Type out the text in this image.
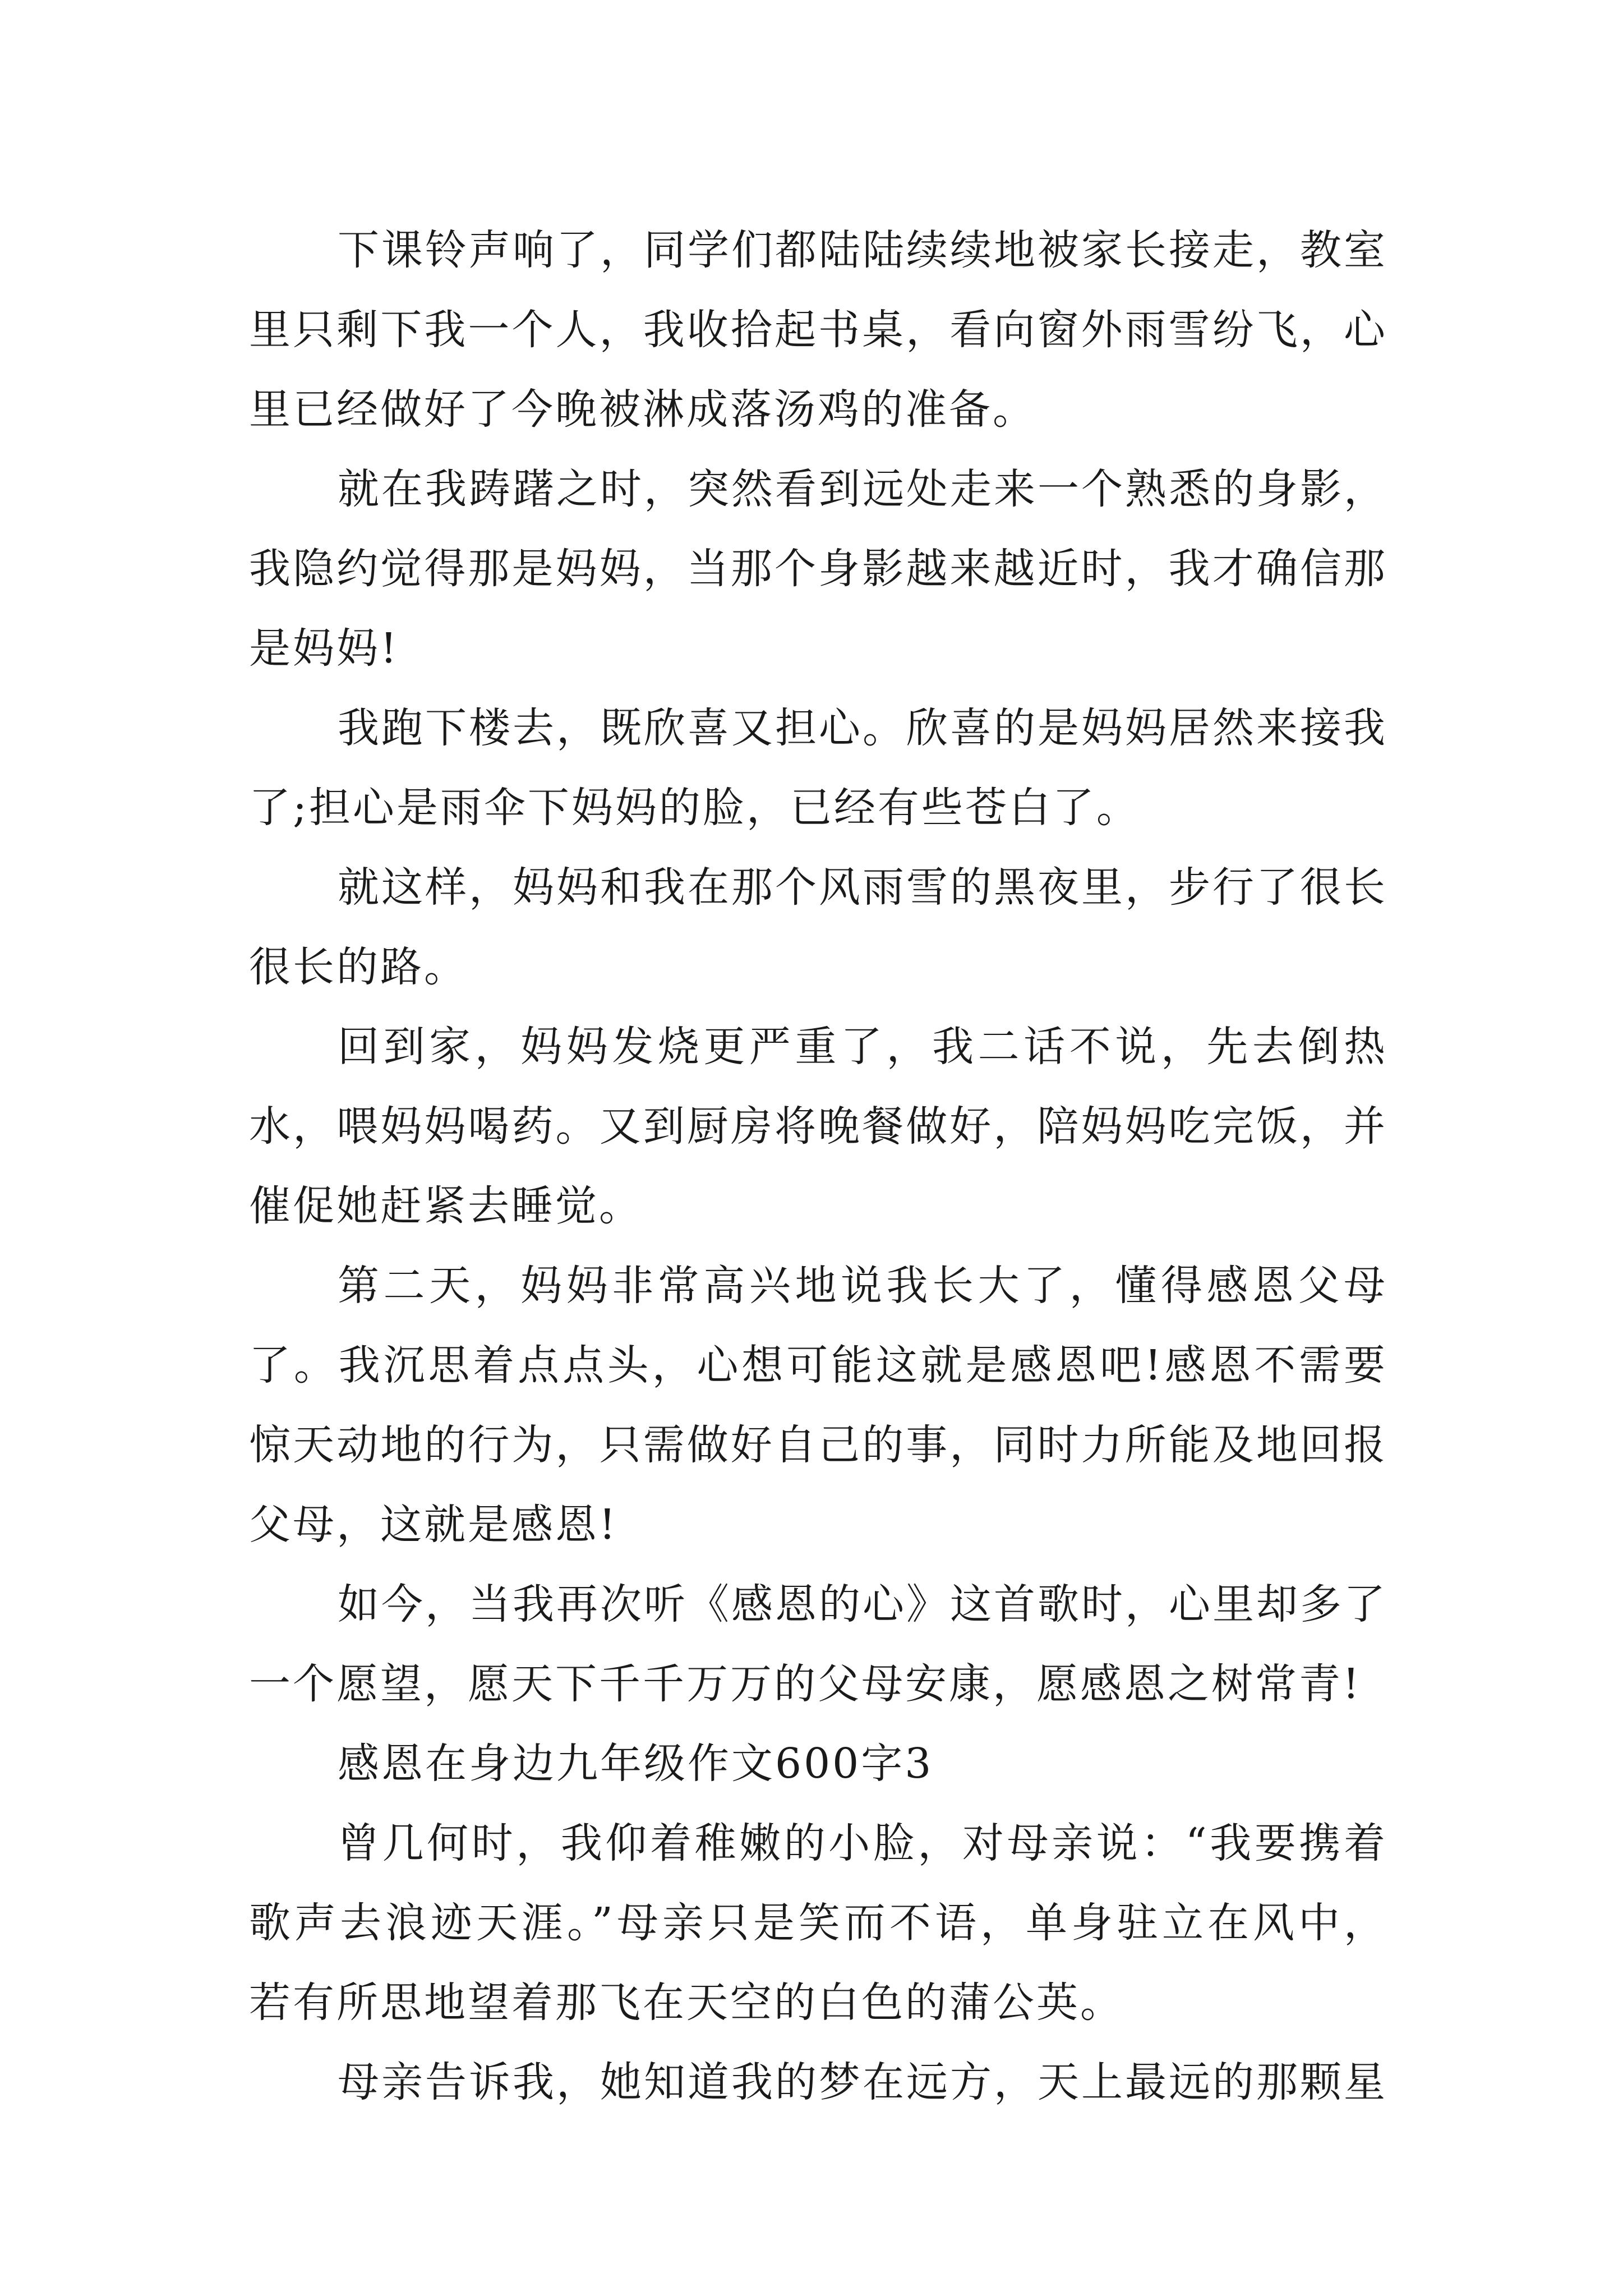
下课铃声响了，同学们都陆陆续续地被家长接走，教室里只剩下我一个人，我收拾起书桌，看向窗外雨雪纷飞，心里已经做好了今晚被淋成落汤鸡的准备。

就在我踌躇之时，突然看到远处走来一个熟悉的身影，我隐约觉得那是妈妈，当那个身影越来越近时，我才确信那是妈妈!

我跑下楼去，既欣喜又担心。欣喜的是妈妈居然来接我了;担心是雨伞下妈妈的脸，已经有些苍白了。

就这样，妈妈和我在那个风雨雪的黑夜里，步行了很长很长的路。

回到家，妈妈发烧更严重了，我二话不说，先去倒热水，喂妈妈喝药。又到厨房将晚餐做好，陪妈妈吃完饭，并催促她赶紧去睡觉。

第二天，妈妈非常高兴地说我长大了，懂得感恩父母了。我沉思着点点头，心想可能这就是感恩吧!感恩不需要惊天动地的行为，只需做好自己的事，同时力所能及地回报父母，这就是感恩!

如今，当我再次听《感恩的心》这首歌时，心里却多了一个愿望，愿天下千千万万的父母安康，愿感恩之树常青!

感恩在身边九年级作文600字3

曾几何时，我仰着稚嫩的小脸，对母亲说：“我要携着歌声去浪迹天涯。”母亲只是笑而不语，单身驻立在风中，若有所思地望着那飞在天空的白色的蒲公英。

母亲告诉我，她知道我的梦在远方，天上最远的那颗星
